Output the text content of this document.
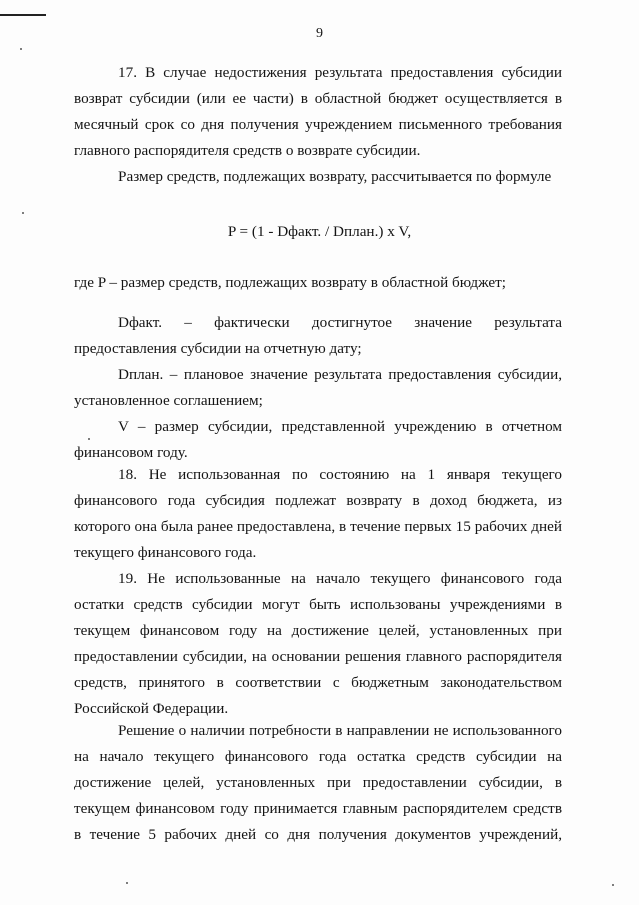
9
17. В случае недостижения результата предоставления субсидии
возврат субсидии (или ее части) в областной бюджет осуществляется в
месячный срок со дня получения учреждением письменного требования
главного распорядителя средств о возврате субсидии.
Размер средств, подлежащих возврату, рассчитывается по формуле
P = (1 - Dфакт. / Dплан.) x V,
где P – размер средств, подлежащих возврату в областной бюджет;
Dфакт. – фактически достигнутое значение результата
предоставления субсидии на отчетную дату;
Dплан. – плановое значение результата предоставления субсидии,
установленное соглашением;
V – размер субсидии, представленной учреждению в отчетном
финансовом году.
18. Не использованная по состоянию на 1 января текущего
финансового года субсидия подлежат возврату в доход бюджета, из
которого она была ранее предоставлена, в течение первых 15 рабочих дней
текущего финансового года.
19. Не использованные на начало текущего финансового года
остатки средств субсидии могут быть использованы учреждениями в
текущем финансовом году на достижение целей, установленных при
предоставлении субсидии, на основании решения главного распорядителя
средств, принятого в соответствии с бюджетным законодательством
Российской Федерации.
Решение о наличии потребности в направлении не использованного
на начало текущего финансового года остатка средств субсидии на
достижение целей, установленных при предоставлении субсидии, в
текущем финансовом году принимается главным распорядителем средств
в течение 5 рабочих дней со дня получения документов учреждений,
